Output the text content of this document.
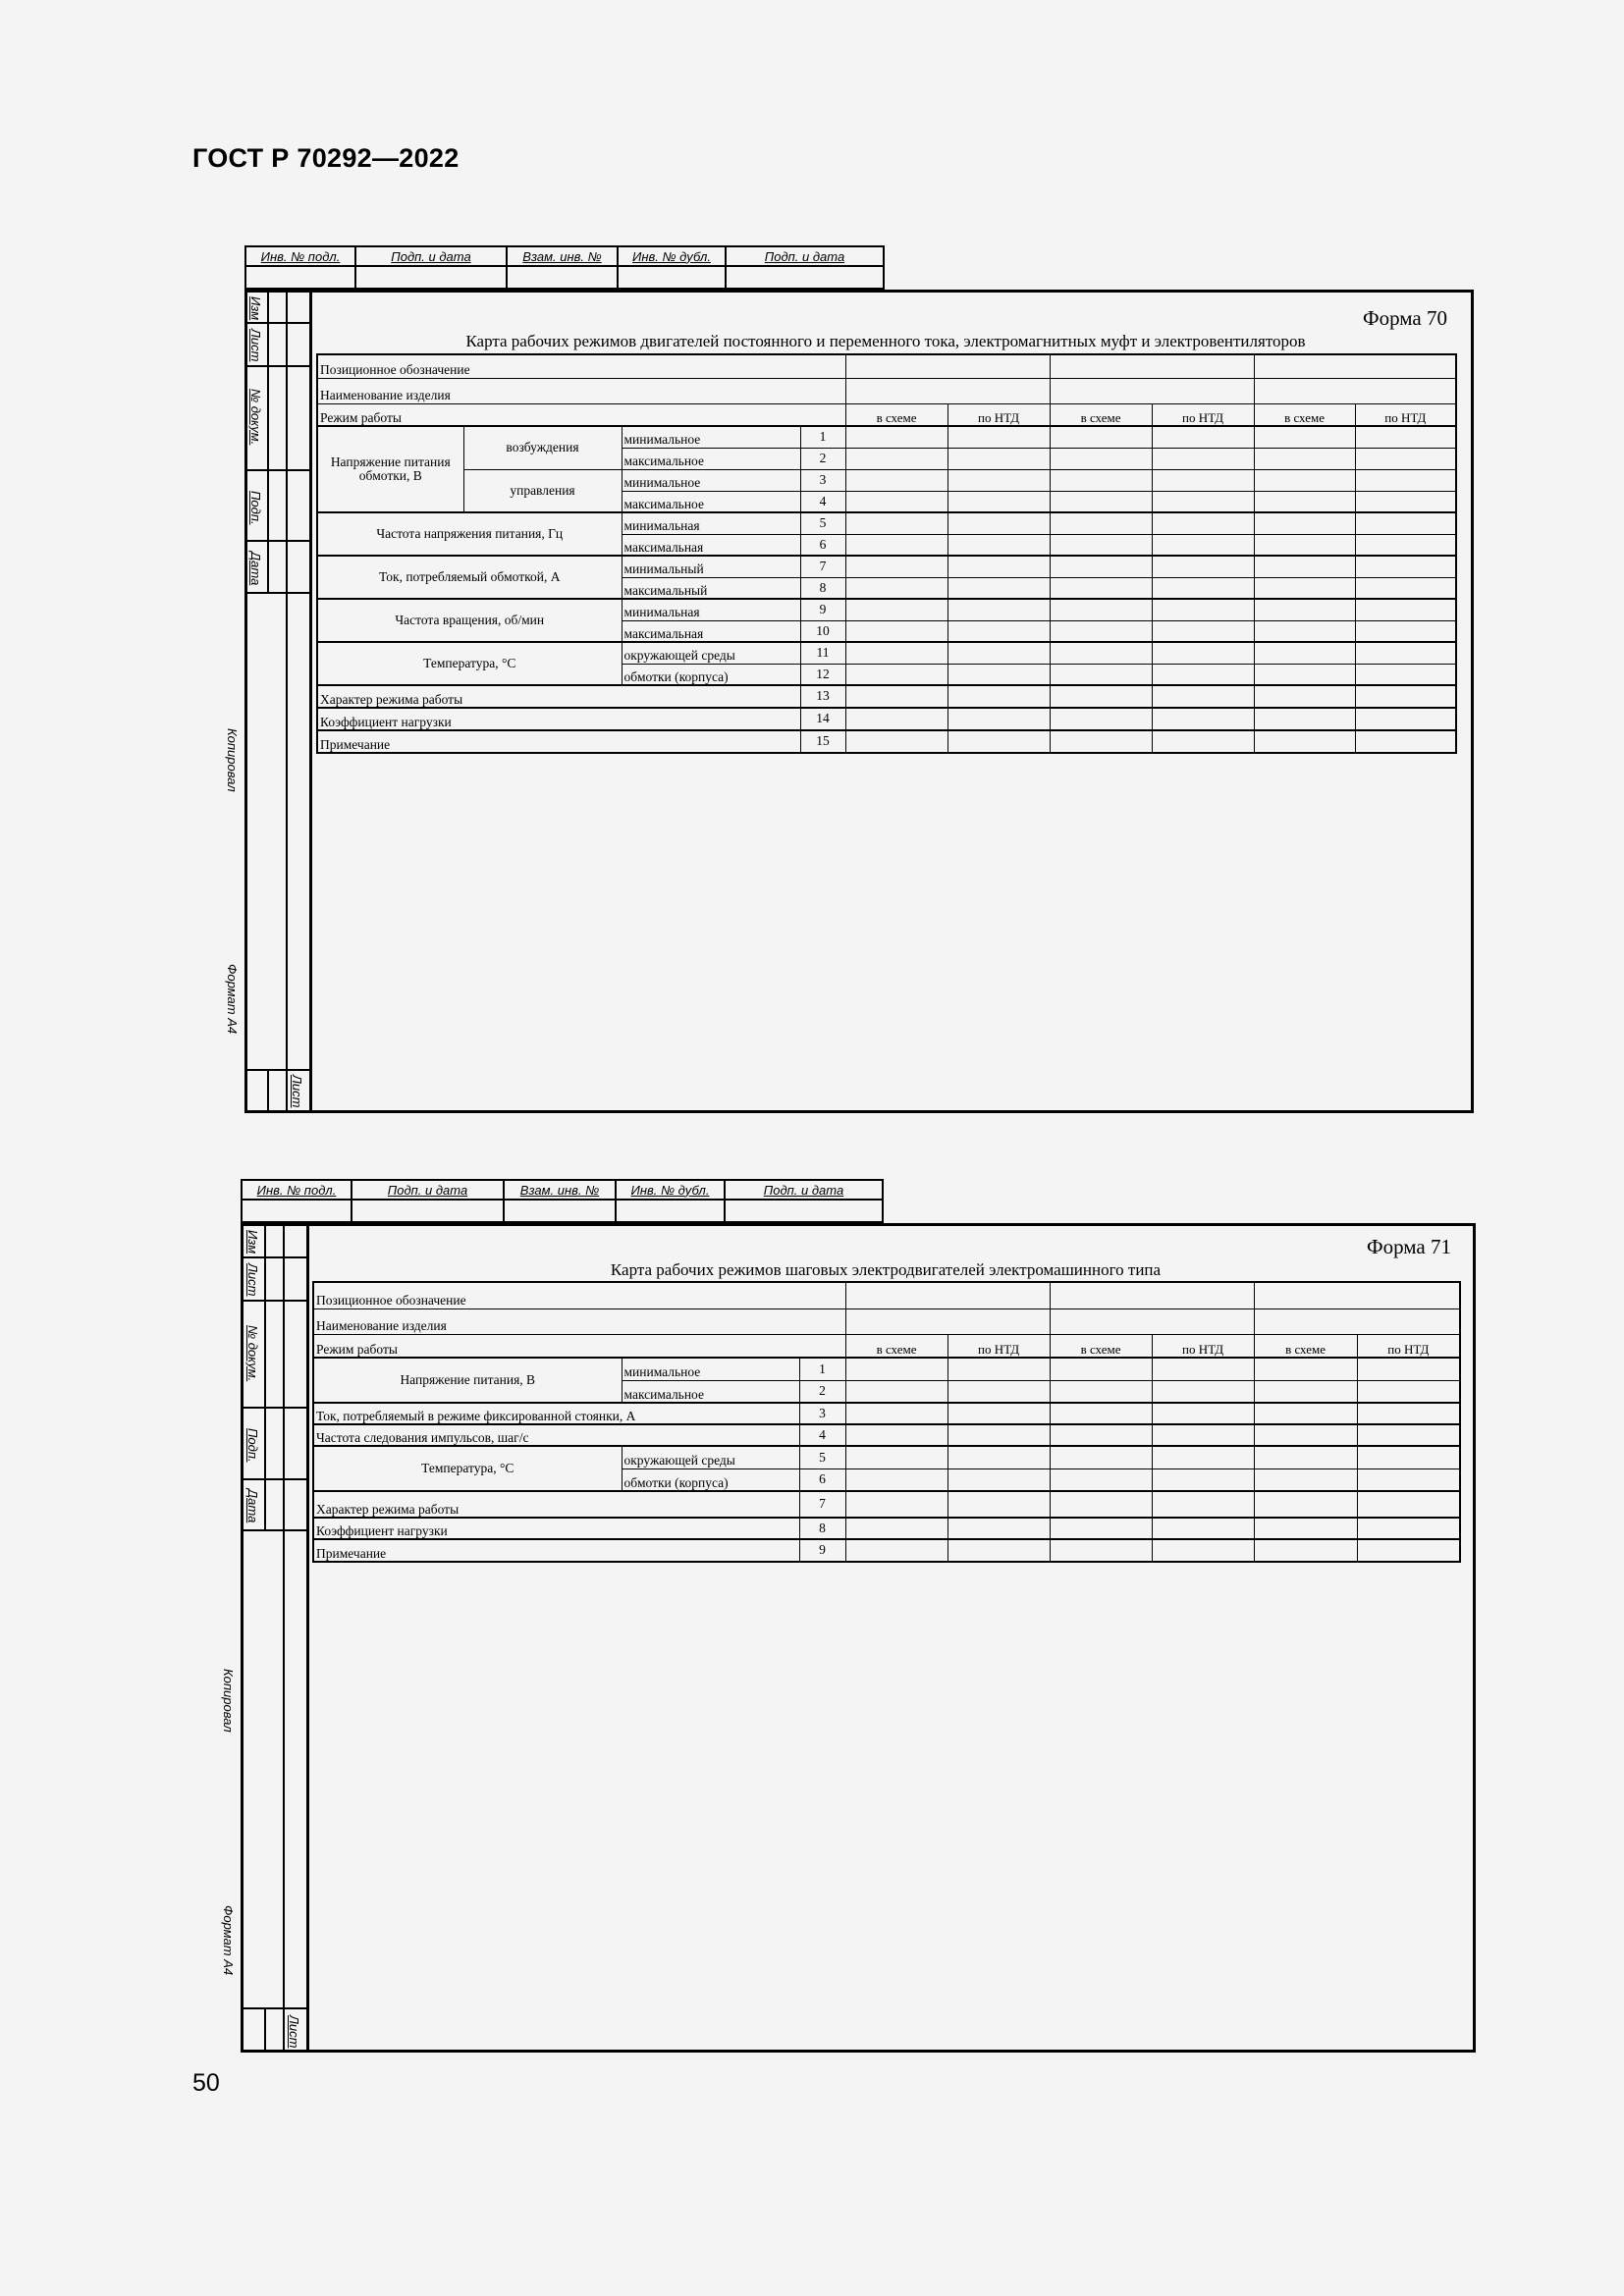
ГОСТ Р 70292—2022
50
Инв. № подл.	Подп. и дата	Взам. инв. №	Инв. № дубл.	Подп. и дата

Изм
Лист
№ докум.
Подп.
Дата
Копировал
Формат А4
Лист
Форма 70
Карта рабочих режимов двигателей постоянного и переменного тока, электромагнитных муфт и электровентиляторов
Позиционное обозначение									
Наименование изделия									
Режим работы				в схеме	по НТД	в схеме	по НТД	в схеме	по НТД
Напряжение питания обмотки, В	возбуждения	минимальное	1						
		максимальное	2						
	управления	минимальное	3						
		максимальное	4						
Частота напряжения питания, Гц		минимальная	5						
		максимальная	6						
Ток, потребляемый обмоткой, А		минимальный	7						
		максимальный	8						
Частота вращения, об/мин		минимальная	9						
		максимальная	10						
Температура, °С		окружающей среды	11						
		обмотки (корпуса)	12						
Характер режима работы			13						
Коэффициент нагрузки			14						
Примечание			15						
Инв. № подл.	Подп. и дата	Взам. инв. №	Инв. № дубл.	Подп. и дата

Изм
Лист
№ докум.
Подп.
Дата
Копировал
Формат А4
Лист
Форма 71
Карта рабочих режимов шаговых электродвигателей электромашинного типа
Позиционное обозначение								
Наименование изделия								
Режим работы			в схеме	по НТД	в схеме	по НТД	в схеме	по НТД
Напряжение питания, В	минимальное	1						
	максимальное	2						
Ток, потребляемый в режиме фиксированной стоянки, А		3						
Частота следования импульсов, шаг/с		4						
Температура, °С	окружающей среды	5						
	обмотки (корпуса)	6						
Характер режима работы		7						
Коэффициент нагрузки		8						
Примечание		9						
